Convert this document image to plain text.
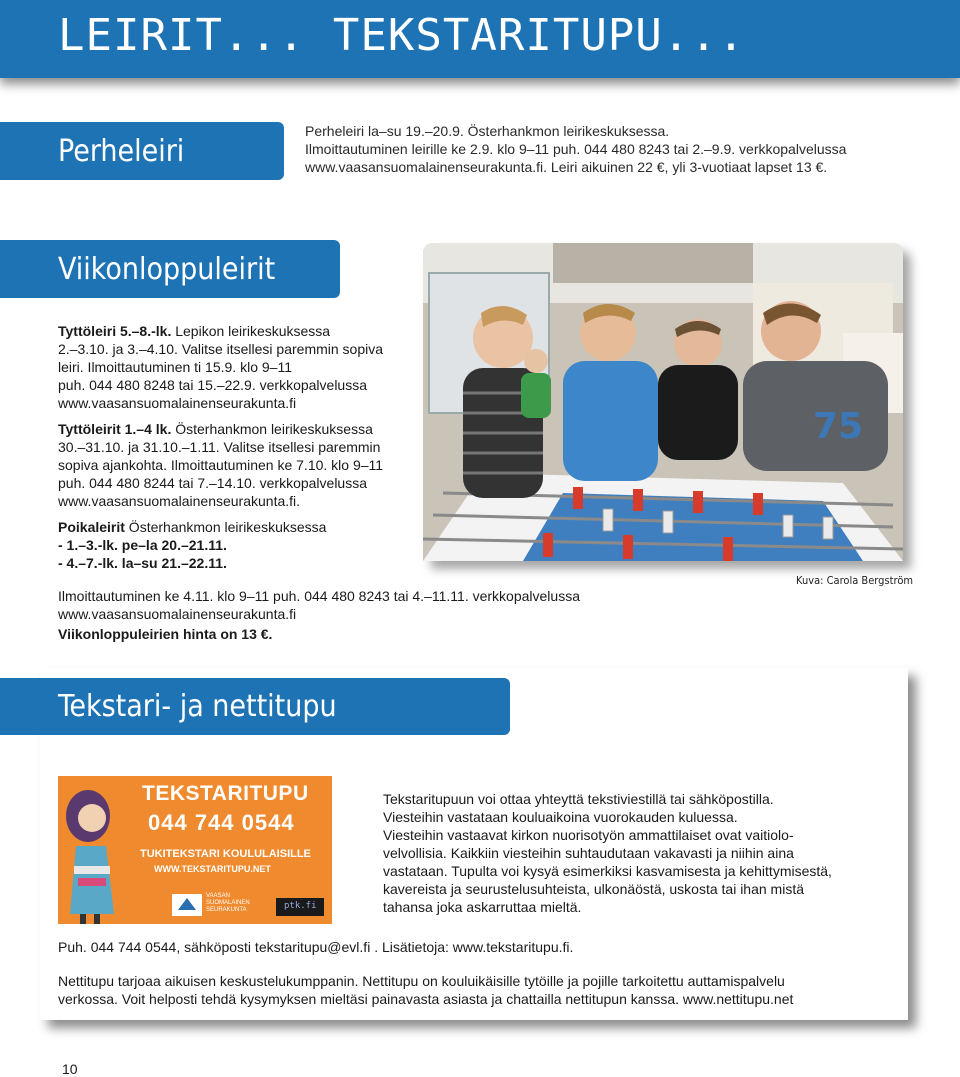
LEIRIT... TEKSTARITUPU...
Perheleiri
Perheleiri la–su 19.–20.9. Österhankmon leirikeskuksessa.
Ilmoittautuminen leirille ke 2.9. klo 9–11 puh. 044 480 8243 tai 2.–9.9. verkkopalvelussa
www.vaasansuomalainenseurakunta.fi. Leiri aikuinen 22 €, yli 3-vuotiaat lapset 13 €.
Viikonloppuleirit
Tyttöleiri 5.–8.-lk. Lepikon leirikeskuksessa
2.–3.10. ja 3.–4.10. Valitse itsellesi paremmin sopiva
leiri. Ilmoittautuminen ti 15.9. klo 9–11
puh. 044 480 8248 tai 15.–22.9. verkkopalvelussa
www.vaasansuomalainenseurakunta.fi
Tyttöleirit 1.–4 lk. Österhankmon leirikeskuksessa
30.–31.10. ja 31.10.–1.11. Valitse itsellesi paremmin
sopiva ajankohta. Ilmoittautuminen ke 7.10. klo 9–11
puh. 044 480 8244 tai 7.–14.10. verkkopalvelussa
www.vaasansuomalainenseurakunta.fi.
Poikaleirit Österhankmon leirikeskuksessa
- 1.–3.-lk. pe–la 20.–21.11.
- 4.–7.-lk. la–su 21.–22.11.
Ilmoittautuminen ke 4.11. klo 9–11 puh. 044 480 8243 tai 4.–11.11. verkkopalvelussa
www.vaasansuomalainenseurakunta.fi
Viikonloppuleirien hinta on 13 €.
75
Kuva: Carola Bergström
Tekstari- ja nettitupu
TEKSTARITUPU
044 744 0544
TUKITEKSTARI KOULULAISILLE
WWW.TEKSTARITUPU.NET
VAASAN
SUOMALAINEN
SEURAKUNTA	ptk.fi
Tekstaritupuun voi ottaa yhteyttä tekstiviestillä tai sähköpostilla.
Viesteihin vastataan kouluaikoina vuorokauden kuluessa.
Viesteihin vastaavat kirkon nuorisotyön ammattilaiset ovat vaitiolo-
velvollisia. Kaikkiin viesteihin suhtaudutaan vakavasti ja niihin aina
vastataan. Tupulta voi kysyä esimerkiksi kasvamisesta ja kehittymisestä,
kavereista ja seurustelusuhteista, ulkonäöstä, uskosta tai ihan mistä
tahansa joka askarruttaa mieltä.
Puh. 044 744 0544, sähköposti tekstaritupu@evl.fi . Lisätietoja: www.tekstaritupu.fi.
Nettitupu tarjoaa aikuisen keskustelukumppanin. Nettitupu on kouluikäisille tytöille ja pojille tarkoitettu auttamispalvelu
verkossa. Voit helposti tehdä kysymyksen mieltäsi painavasta asiasta ja chattailla nettitupun kanssa. www.nettitupu.net
10
